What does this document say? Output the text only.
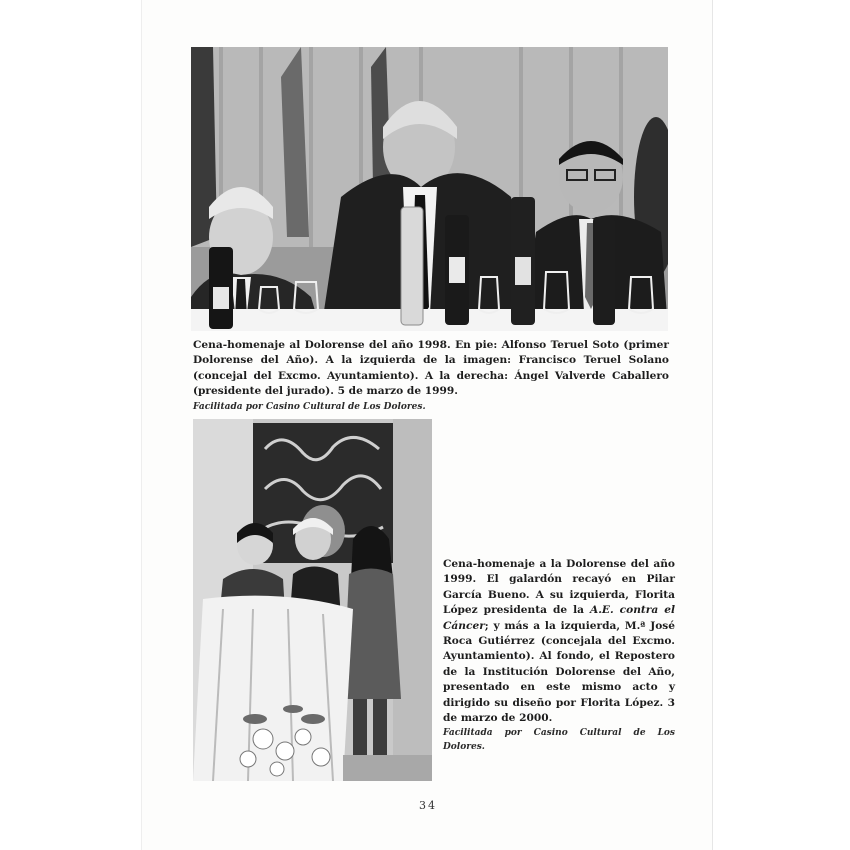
Cena-homenaje al Dolorense del año 1998. En pie: Alfonso Teruel Soto (primer Dolorense del Año). A la izquierda de la imagen: Francisco Teruel Solano (concejal del Excmo. Ayuntamiento). A la derecha: Ángel Valverde Caballero (presidente del jurado). 5 de marzo de 1999.
Facilitada por Casino Cultural de Los Dolores.

Cena-homenaje a la Dolorense del año 1999. El galardón recayó en Pilar García Bueno. A su izquierda, Florita López presidenta de la A.E. contra el Cáncer; y más a la izquierda, M.ª José Roca Gutiérrez (concejala del Excmo. Ayuntamiento). Al fondo, el Repostero de la Institución Dolorense del Año, presentado en este mismo acto y dirigido su diseño por Florita López. 3 de marzo de 2000.
Facilitada por Casino Cultural de Los Dolores.

34
